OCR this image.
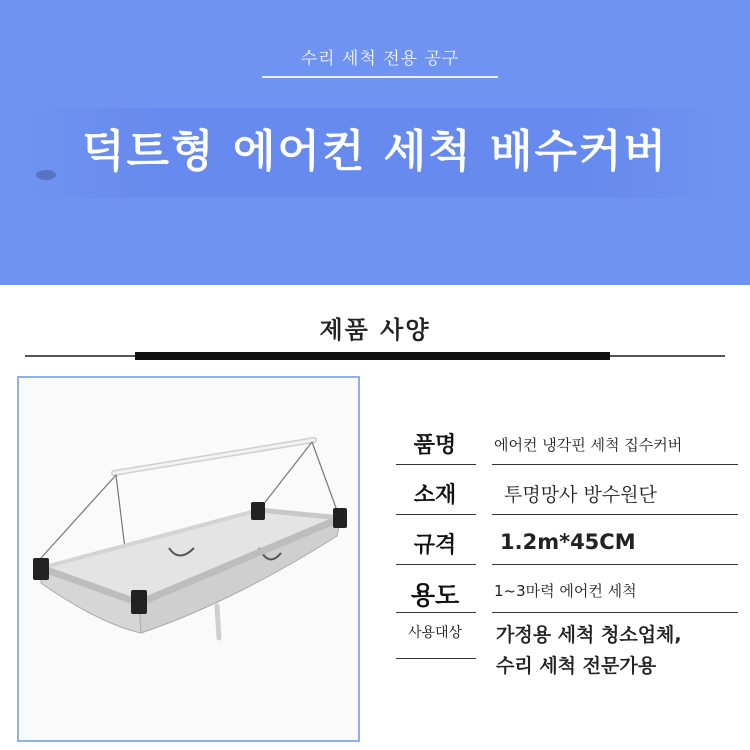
수리 세척 전용 공구
덕트형 에어컨 세척 배수커버
제품 사양
품명	에어컨 냉각핀 세척 집수커버
소재	투명망사 방수원단
규격	1.2m*45CM
용도	1~3마력 에어컨 세척
사용대상	가정용 세척 청소업체,
수리 세척 전문가용
